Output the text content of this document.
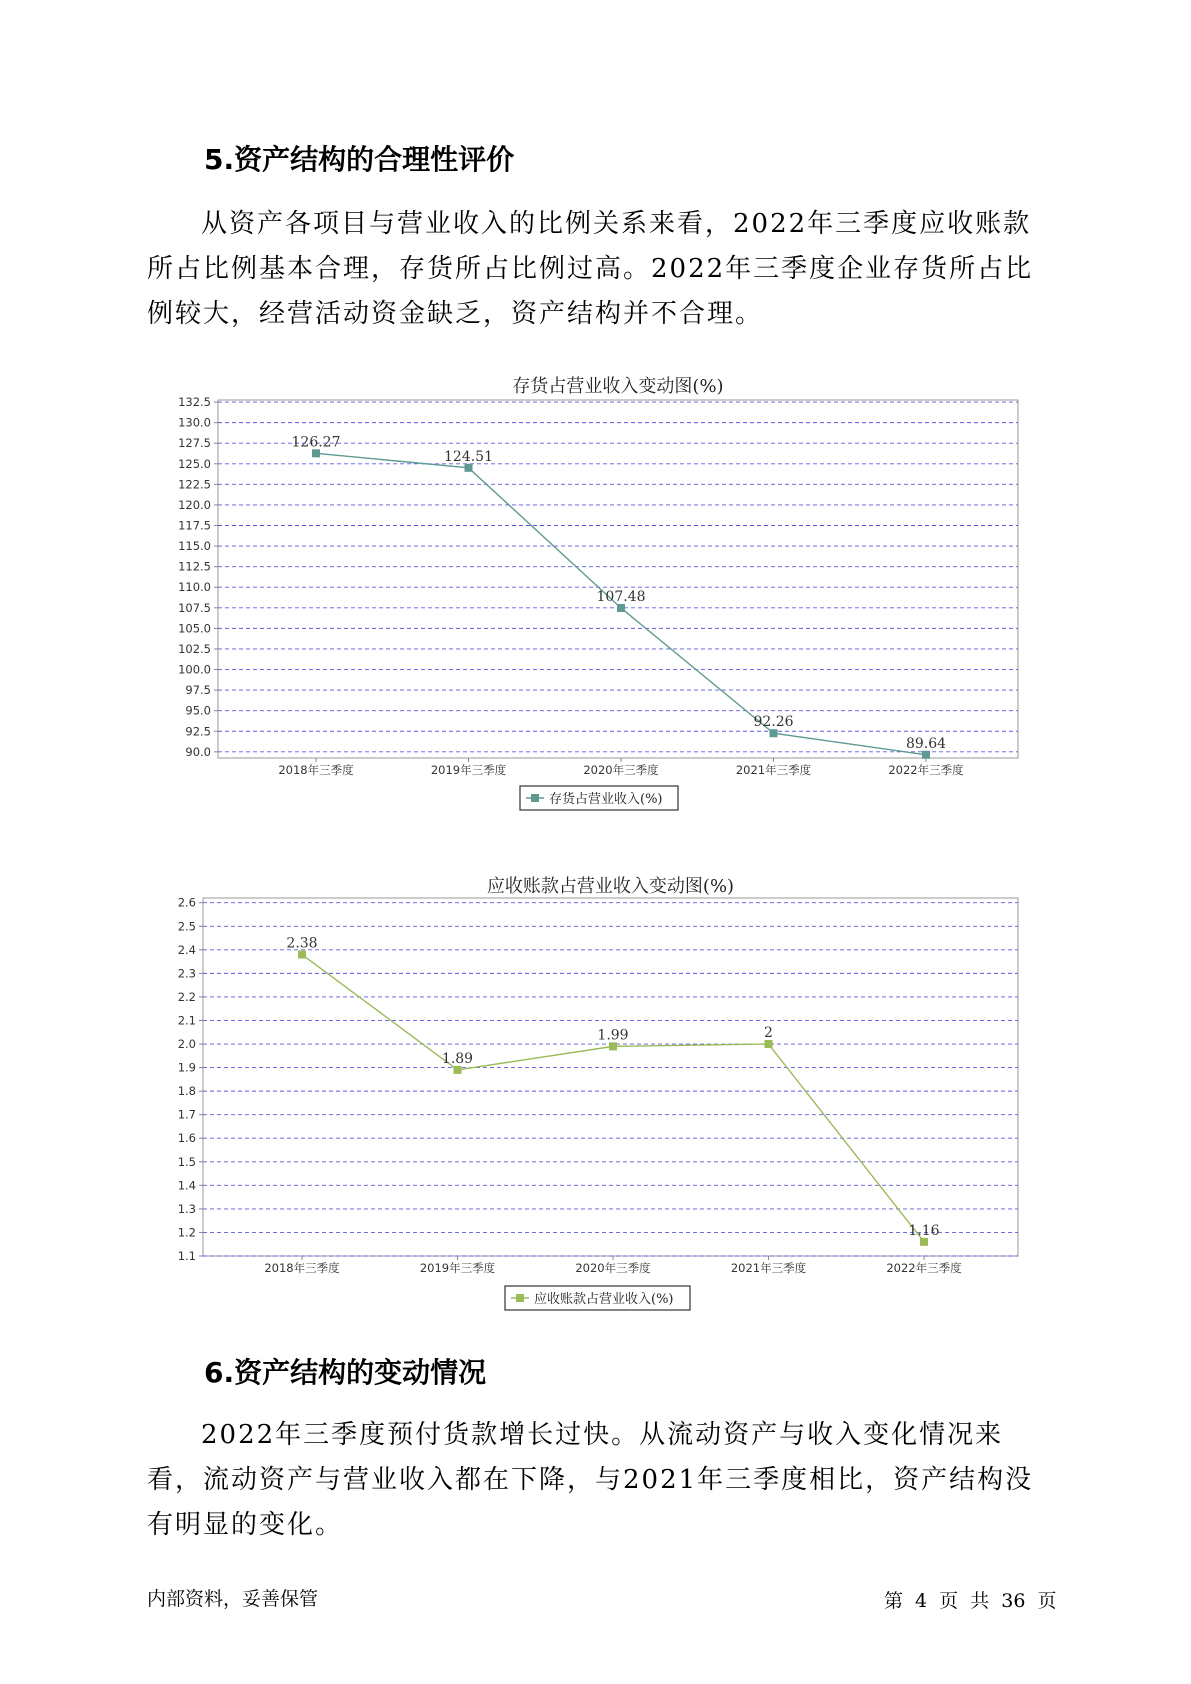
5.资产结构的合理性评价

从资产各项目与营业收入的比例关系来看，2022年三季度应收账款所占比例基本合理，存货所占比例过高。2022年三季度企业存货所占比例较大，经营活动资金缺乏，资产结构并不合理。

存货占营业收入变动图(%)
90.0
92.5
95.0
97.5
100.0
102.5
105.0
107.5
110.0
112.5
115.0
117.5
120.0
122.5
125.0
127.5
130.0
132.5
2018年三季度	2019年三季度	2020年三季度	2021年三季度	2022年三季度
126.27
124.51
107.48
92.26
89.64
存货占营业收入(%)
应收账款占营业收入变动图(%)
1.1
1.2
1.3
1.4
1.5
1.6
1.7
1.8
1.9
2.0
2.1
2.2
2.3
2.4
2.5
2.6
2018年三季度	2019年三季度	2020年三季度	2021年三季度	2022年三季度
2.38
1.89
1.99	2
1.16
应收账款占营业收入(%)
6.资产结构的变动情况

2022年三季度预付货款增长过快。从流动资产与收入变化情况来看，流动资产与营业收入都在下降，与2021年三季度相比，资产结构没有明显的变化。

内部资料，妥善保管	第 4 页 共 36 页
